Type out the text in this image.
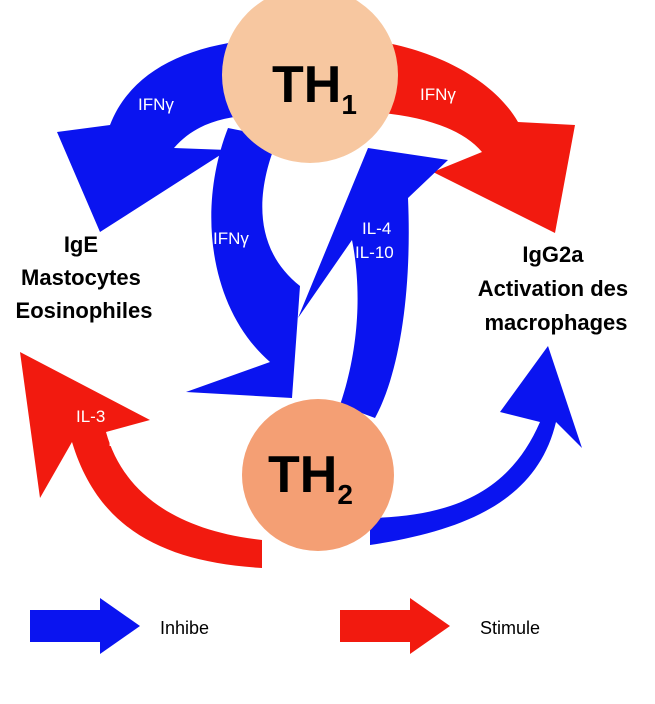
$TH_1$
$TH_2$
IFNγ
IFNγ
IFNγ
IL-4
IL-10
IL-3
IL-4
IL-5
IL-13
IL-4
IL-10
IL-13
IgE Mastocytes Eosinophiles
IgG2a Activation des macrophages
Inhibe	Stimule
